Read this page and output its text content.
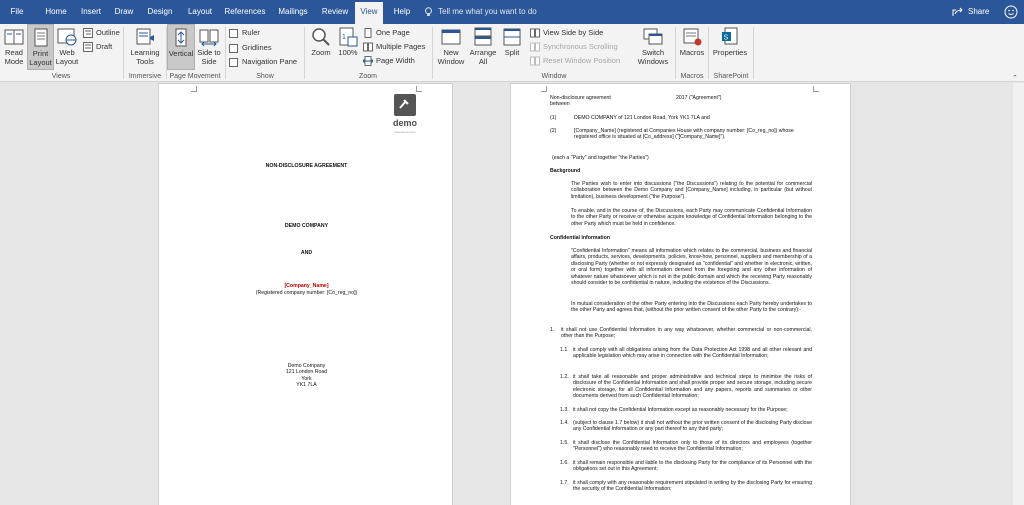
File	Home	Insert	Draw	Design	Layout	References	Mailings	Review	View	Help	Tell me what you want to do	Share
Read Mode
Print Layout
Web Layout
Outline
Draft
Views
Learning Tools
Immersive
Vertical Side to Side
Page Movement
Ruler
Gridlines
Navigation Pane
Show
Zoom
1
100%
One Page
Multiple Pages
Page Width
Zoom
New Window
Arrange All
Split
View Side by Side
Synchronous Scrolling
Reset Window Position
Switch Windows
Window
Macros
Macros
S
Properties
SharePoint	⌃
demo
www.demo.com
NON-DISCLOSURE AGREEMENT
DEMO COMPANY
AND
[Company_Name]
(Registered company number: [Co_reg_no])
Demo Company
121 London Road
York
YK1 7LA
Non-disclosure agreement	2017 ("Agreement")
between
(1)	DEMO COMPANY of 121 London Road, York YK1 7LA and
(2)	[Company_Name] (registered at Companies House with company number: [Co_reg_no]) whose registered office is situated at [Co_address] ("[Company_Name]").
(each a "Party" and together "the Parties")
Background
The Parties wish to enter into discussions ("the Discussions") relating to the potential for commercial collaboration between the Demo Company and [Company_Name] including, in particular (but without limitation), business development ("the Purpose").
To enable, and in the course of, the Discussions, each Party may communicate Confidential Information to the other Party or receive or otherwise acquire knowledge of Confidential Information belonging to the other Party which must be held in confidence.
Confidential Information
"Confidential Information" means all information which relates to the commercial, business and financial affairs, products, services, developments, policies, know-how, personnel, suppliers and membership of a disclosing Party (whether or not expressly designated as "confidential" and whether in electronic, written, or oral form) together with all information derived from the foregoing and any other information of whatever nature whatsoever which is not in the public domain and which the receiving Party reasonably should consider to be confidential in nature, including the existence of the Discussions.
In mutual consideration of the other Party entering into the Discussions each Party hereby undertakes to the other Party and agrees that, (without the prior written consent of the other Party to the contrary):-
1. it shall not use Confidential Information in any way whatsoever, whether commercial or non-commercial, other than the Purpose;
1.1. it shall comply with all obligations arising from the Data Protection Act 1998 and all other relevant and applicable legislation which may arise in connection with the Confidential Information;
1.2. it shall take all reasonable and proper administrative and technical steps to minimise the risks of disclosure of the Confidential Information and shall provide proper and secure storage, including secure electronic storage, for all Confidential Information and any papers, reports and summaries or other documents derived from such Confidential Information;
1.3. it shall not copy the Confidential Information except as reasonably necessary for the Purpose;
1.4. (subject to clause 1.7 below) it shall not without the prior written consent of the disclosing Party disclose any Confidential Information or any part thereof to any third party;
1.5. it shall disclose the Confidential Information only to those of its directors and employees (together "Personnel") who reasonably need to receive the Confidential Information;
1.6. it shall remain responsible and liable to the disclosing Party for the compliance of its Personnel with the obligations set out in this Agreement;
1.7. it shall comply with any reasonable requirement stipulated in writing by the disclosing Party for ensuring the security of the Confidential Information;
